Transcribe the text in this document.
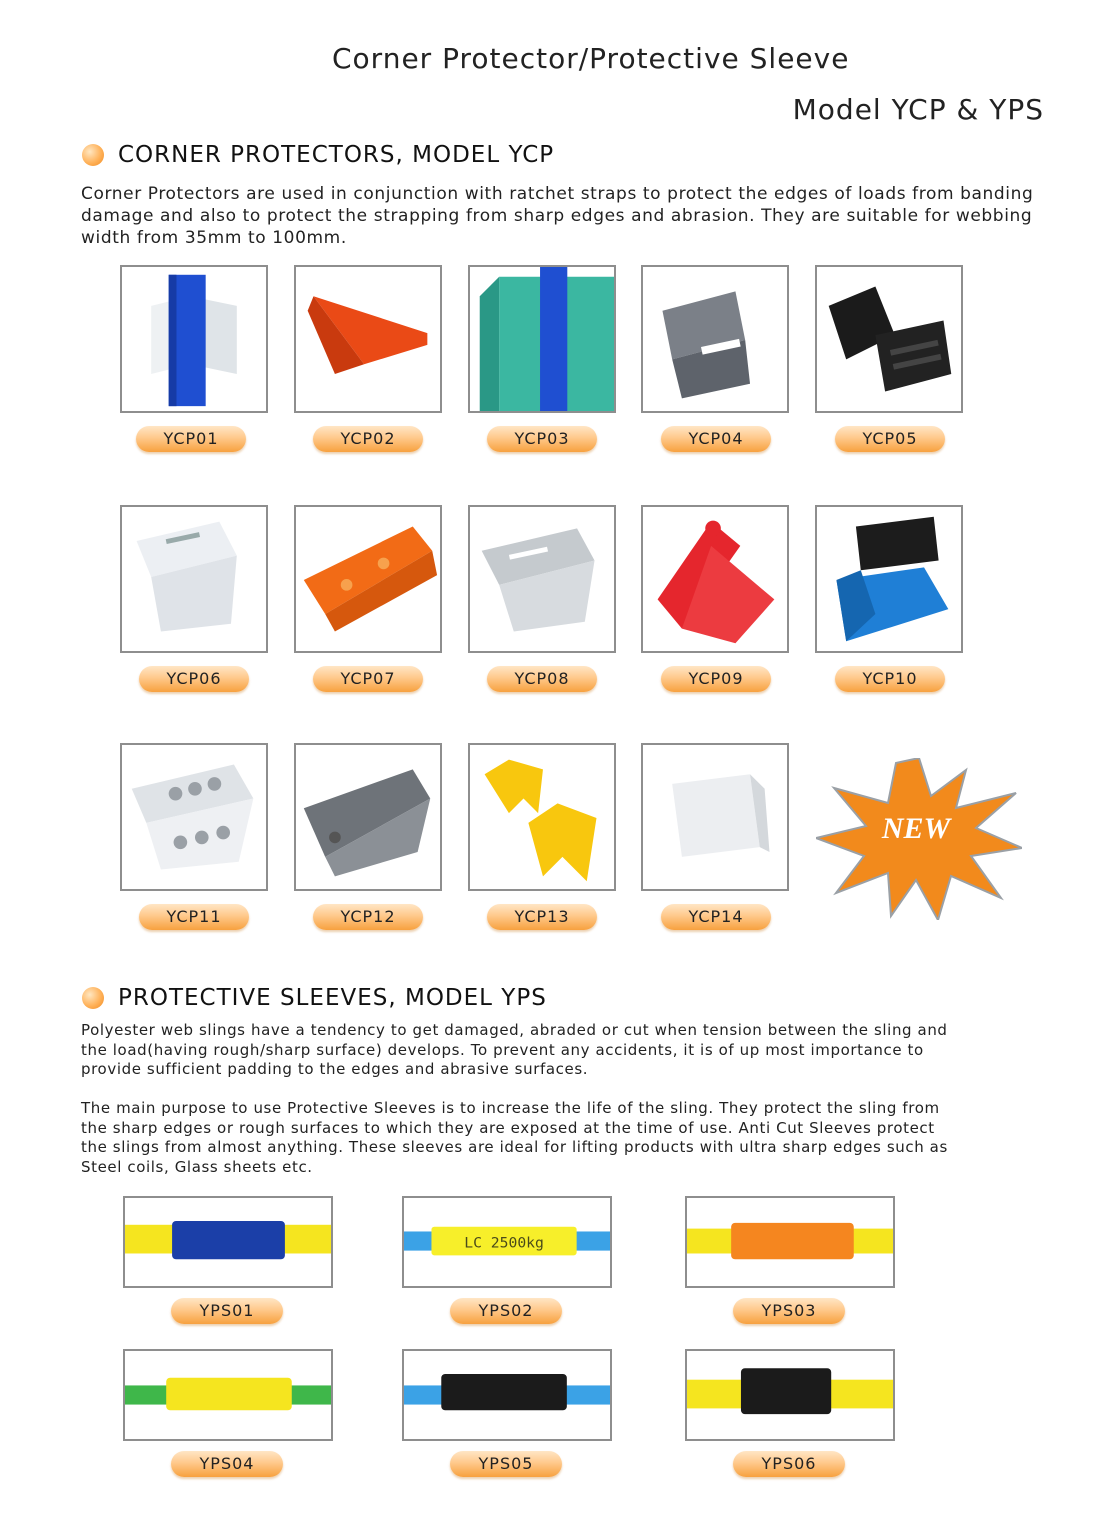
Corner Protector/Protective Sleeve
Model YCP & YPS
CORNER PROTECTORS, MODEL YCP
Corner Protectors are used in conjunction with ratchet straps to protect the edges of loads from banding damage and also to protect the strapping from sharp edges and abrasion. They are suitable for webbing width from 35mm to 100mm.
YCP01	YCP02	YCP03	YCP04	YCP05
YCP06	YCP07	YCP08	YCP09	YCP10
YCP11	YCP12	YCP13	YCP14
NEW
PROTECTIVE SLEEVES, MODEL YPS
Polyester web slings have a tendency to get damaged, abraded or cut when tension between the sling and the load(having rough/sharp surface) develops. To prevent any accidents, it is of up most importance to provide sufficient padding to the edges and abrasive surfaces.
The main purpose to use Protective Sleeves is to increase the life of the sling. They protect the sling from the sharp edges or rough surfaces to which they are exposed at the time of use. Anti Cut Sleeves protect the slings from almost anything. These sleeves are ideal for lifting products with ultra sharp edges such as Steel coils, Glass sheets etc.
YPS01
LC 2500kg
YPS02	YPS03
YPS04	YPS05	YPS06
